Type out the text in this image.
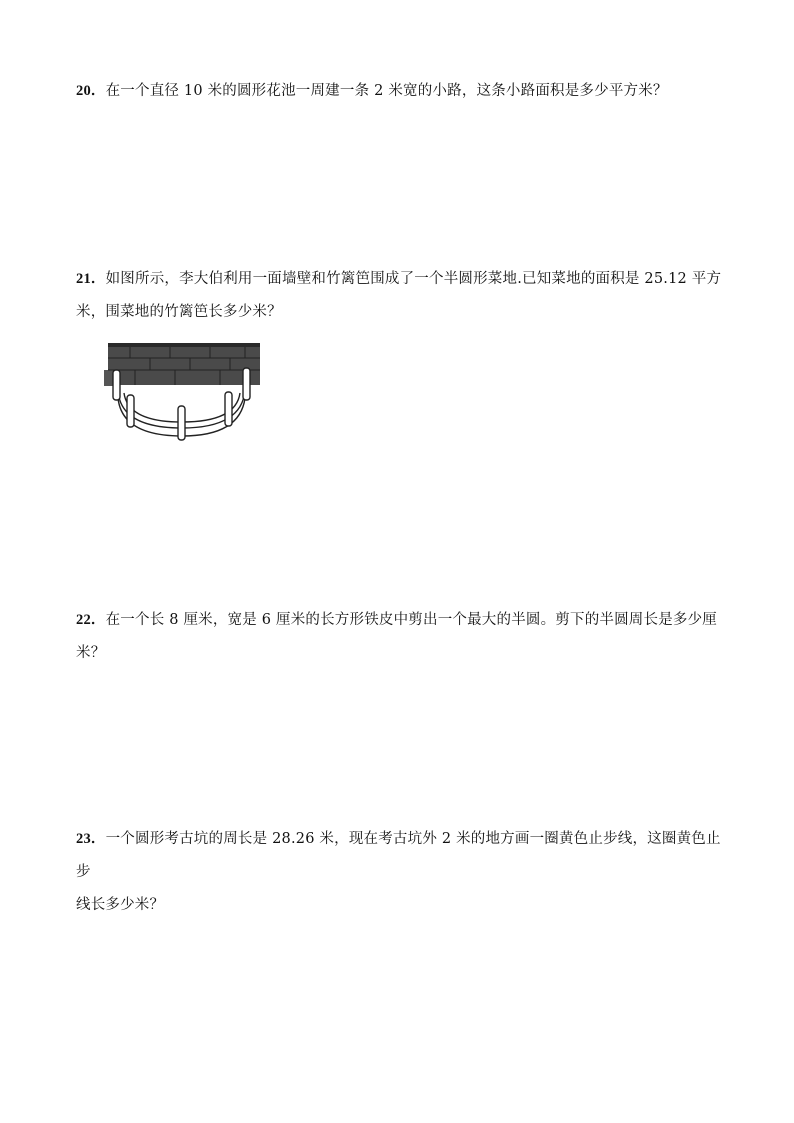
20．在一个直径 10 米的圆形花池一周建一条 2 米宽的小路，这条小路面积是多少平方米？
21．如图所示，李大伯利用一面墙壁和竹篱笆围成了一个半圆形菜地.已知菜地的面积是 25.12 平方
米，围菜地的竹篱笆长多少米？
22．在一个长 8 厘米，宽是 6 厘米的长方形铁皮中剪出一个最大的半圆。剪下的半圆周长是多少厘
米？
23．一个圆形考古坑的周长是 28.26 米，现在考古坑外 2 米的地方画一圈黄色止步线，这圈黄色止步
线长多少米？
